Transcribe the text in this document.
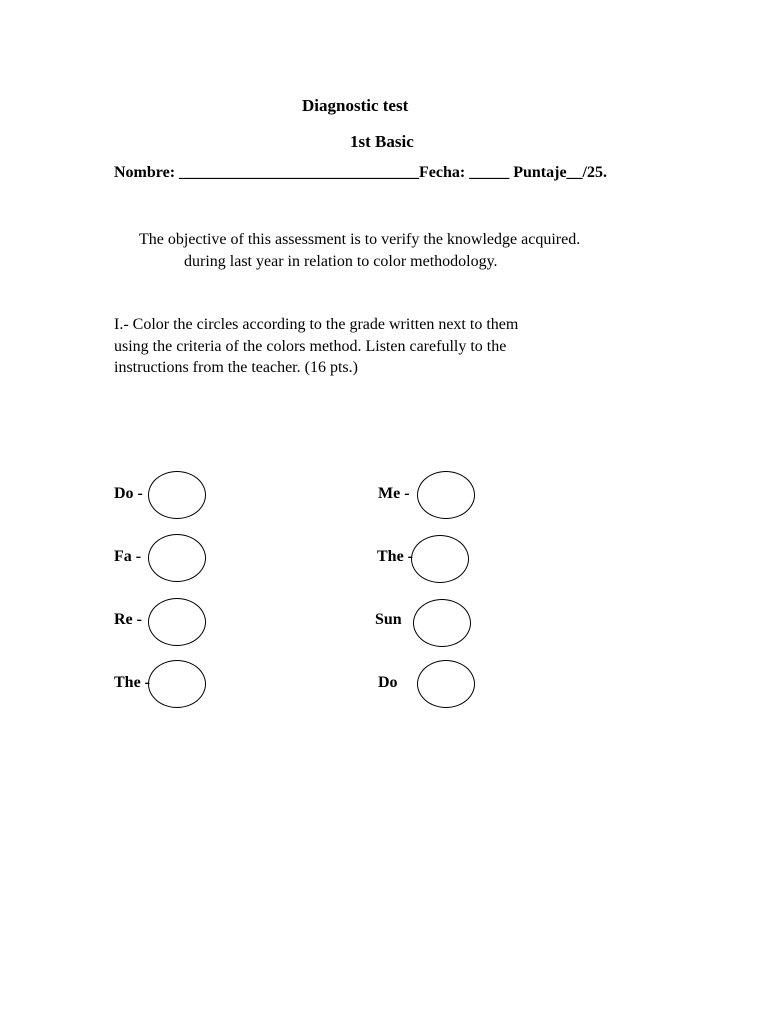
Diagnostic test
1st Basic
Nombre: ______________________________Fecha: _____ Puntaje__/25.
The objective of this assessment is to verify the knowledge acquired.
during last year in relation to color methodology.
I.- Color the circles according to the grade written next to them
using the criteria of the colors method. Listen carefully to the
instructions from the teacher. (16 pts.)
Do -
Fa -
Re -
The -
Me -
The -
Sun
Do
